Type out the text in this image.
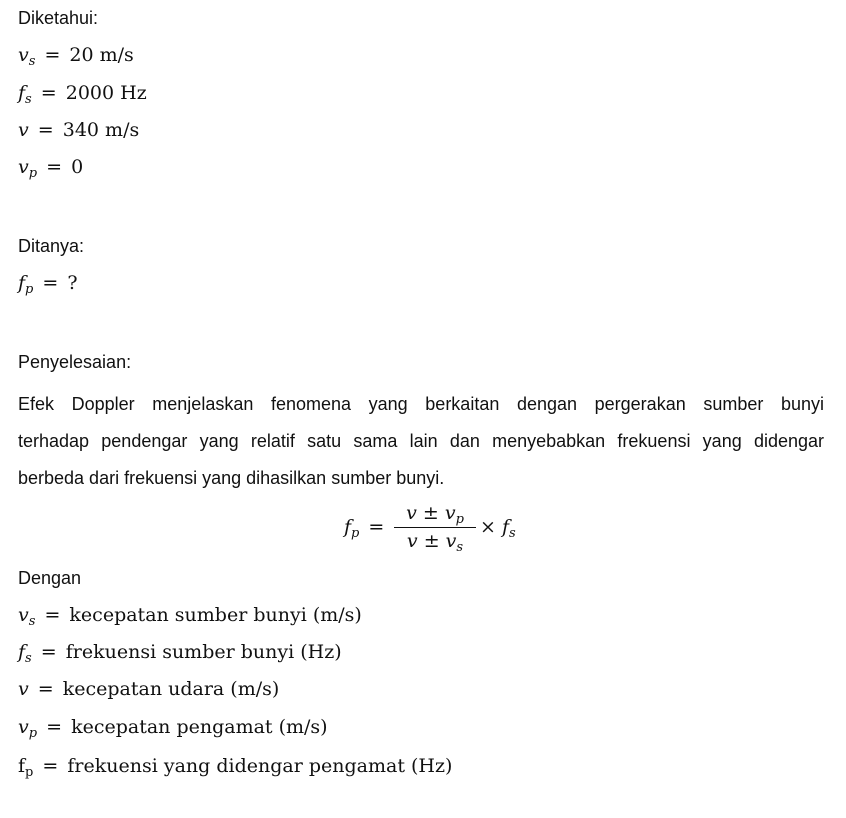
Diketahui:
$v_s = 20$ m/s
$f_s = 2000$ Hz
v = 340 m/s
$v_p = 0$
Ditanya:
$f_p$ = ?
Penyelesaian:
Efek Doppler menjelaskan fenomena yang berkaitan dengan pergerakan sumber bunyi
terhadap pendengar yang relatif satu sama lain dan menyebabkan frekuensi yang didengar
berbeda dari frekuensi yang dihasilkan sumber bunyi.
$f_p$ =
$v \pm v_p$
$v \pm v_s$
× $f_s$
Dengan
$v_s$ = kecepatan sumber bunyi (m/s)
$f_s$ = frekuensi sumber bunyi (Hz)
v = kecepatan udara (m/s)
$v_p$ = kecepatan pengamat (m/s)
$f_p$ = frekuensi yang didengar pengamat (Hz)
